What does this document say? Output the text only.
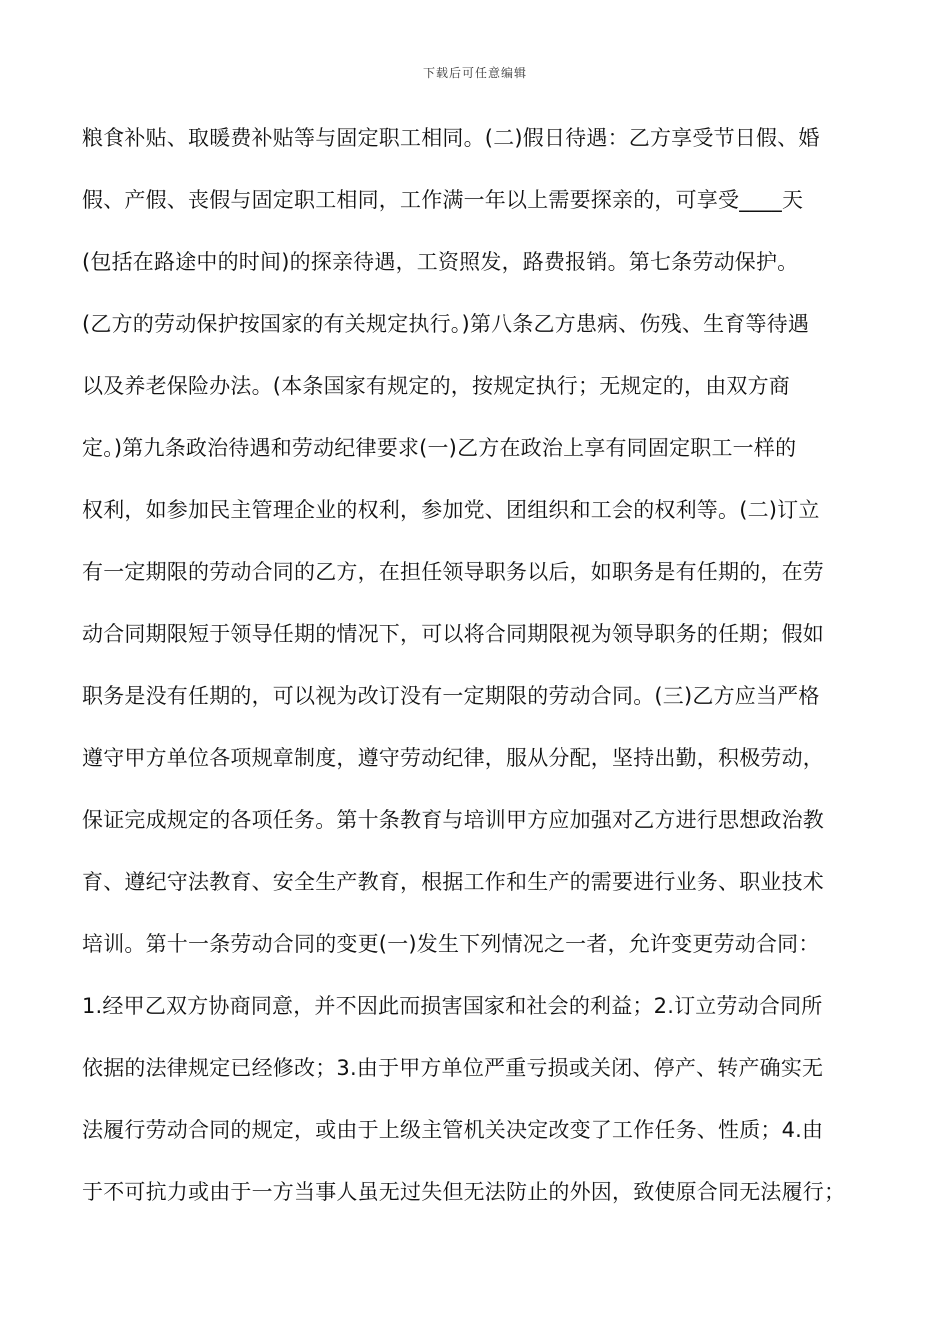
下载后可任意编辑
粮食补贴、取暖费补贴等与固定职工相同。(二)假日待遇：乙方享受节日假、婚
假、产假、丧假与固定职工相同，工作满一年以上需要探亲的，可享受____天
(包括在路途中的时间)的探亲待遇，工资照发，路费报销。第七条劳动保护。
(乙方的劳动保护按国家的有关规定执行。)第八条乙方患病、伤残、生育等待遇
以及养老保险办法。(本条国家有规定的，按规定执行；无规定的，由双方商
定。)第九条政治待遇和劳动纪律要求(一)乙方在政治上享有同固定职工一样的
权利，如参加民主管理企业的权利，参加党、团组织和工会的权利等。(二)订立
有一定期限的劳动合同的乙方，在担任领导职务以后，如职务是有任期的，在劳
动合同期限短于领导任期的情况下，可以将合同期限视为领导职务的任期；假如
职务是没有任期的，可以视为改订没有一定期限的劳动合同。(三)乙方应当严格
遵守甲方单位各项规章制度，遵守劳动纪律，服从分配，坚持出勤，积极劳动，
保证完成规定的各项任务。第十条教育与培训甲方应加强对乙方进行思想政治教
育、遵纪守法教育、安全生产教育，根据工作和生产的需要进行业务、职业技术
培训。第十一条劳动合同的变更(一)发生下列情况之一者，允许变更劳动合同：
1.经甲乙双方协商同意，并不因此而损害国家和社会的利益；2.订立劳动合同所
依据的法律规定已经修改；3.由于甲方单位严重亏损或关闭、停产、转产确实无
法履行劳动合同的规定，或由于上级主管机关决定改变了工作任务、性质；4.由
于不可抗力或由于一方当事人虽无过失但无法防止的外因，致使原合同无法履行；
